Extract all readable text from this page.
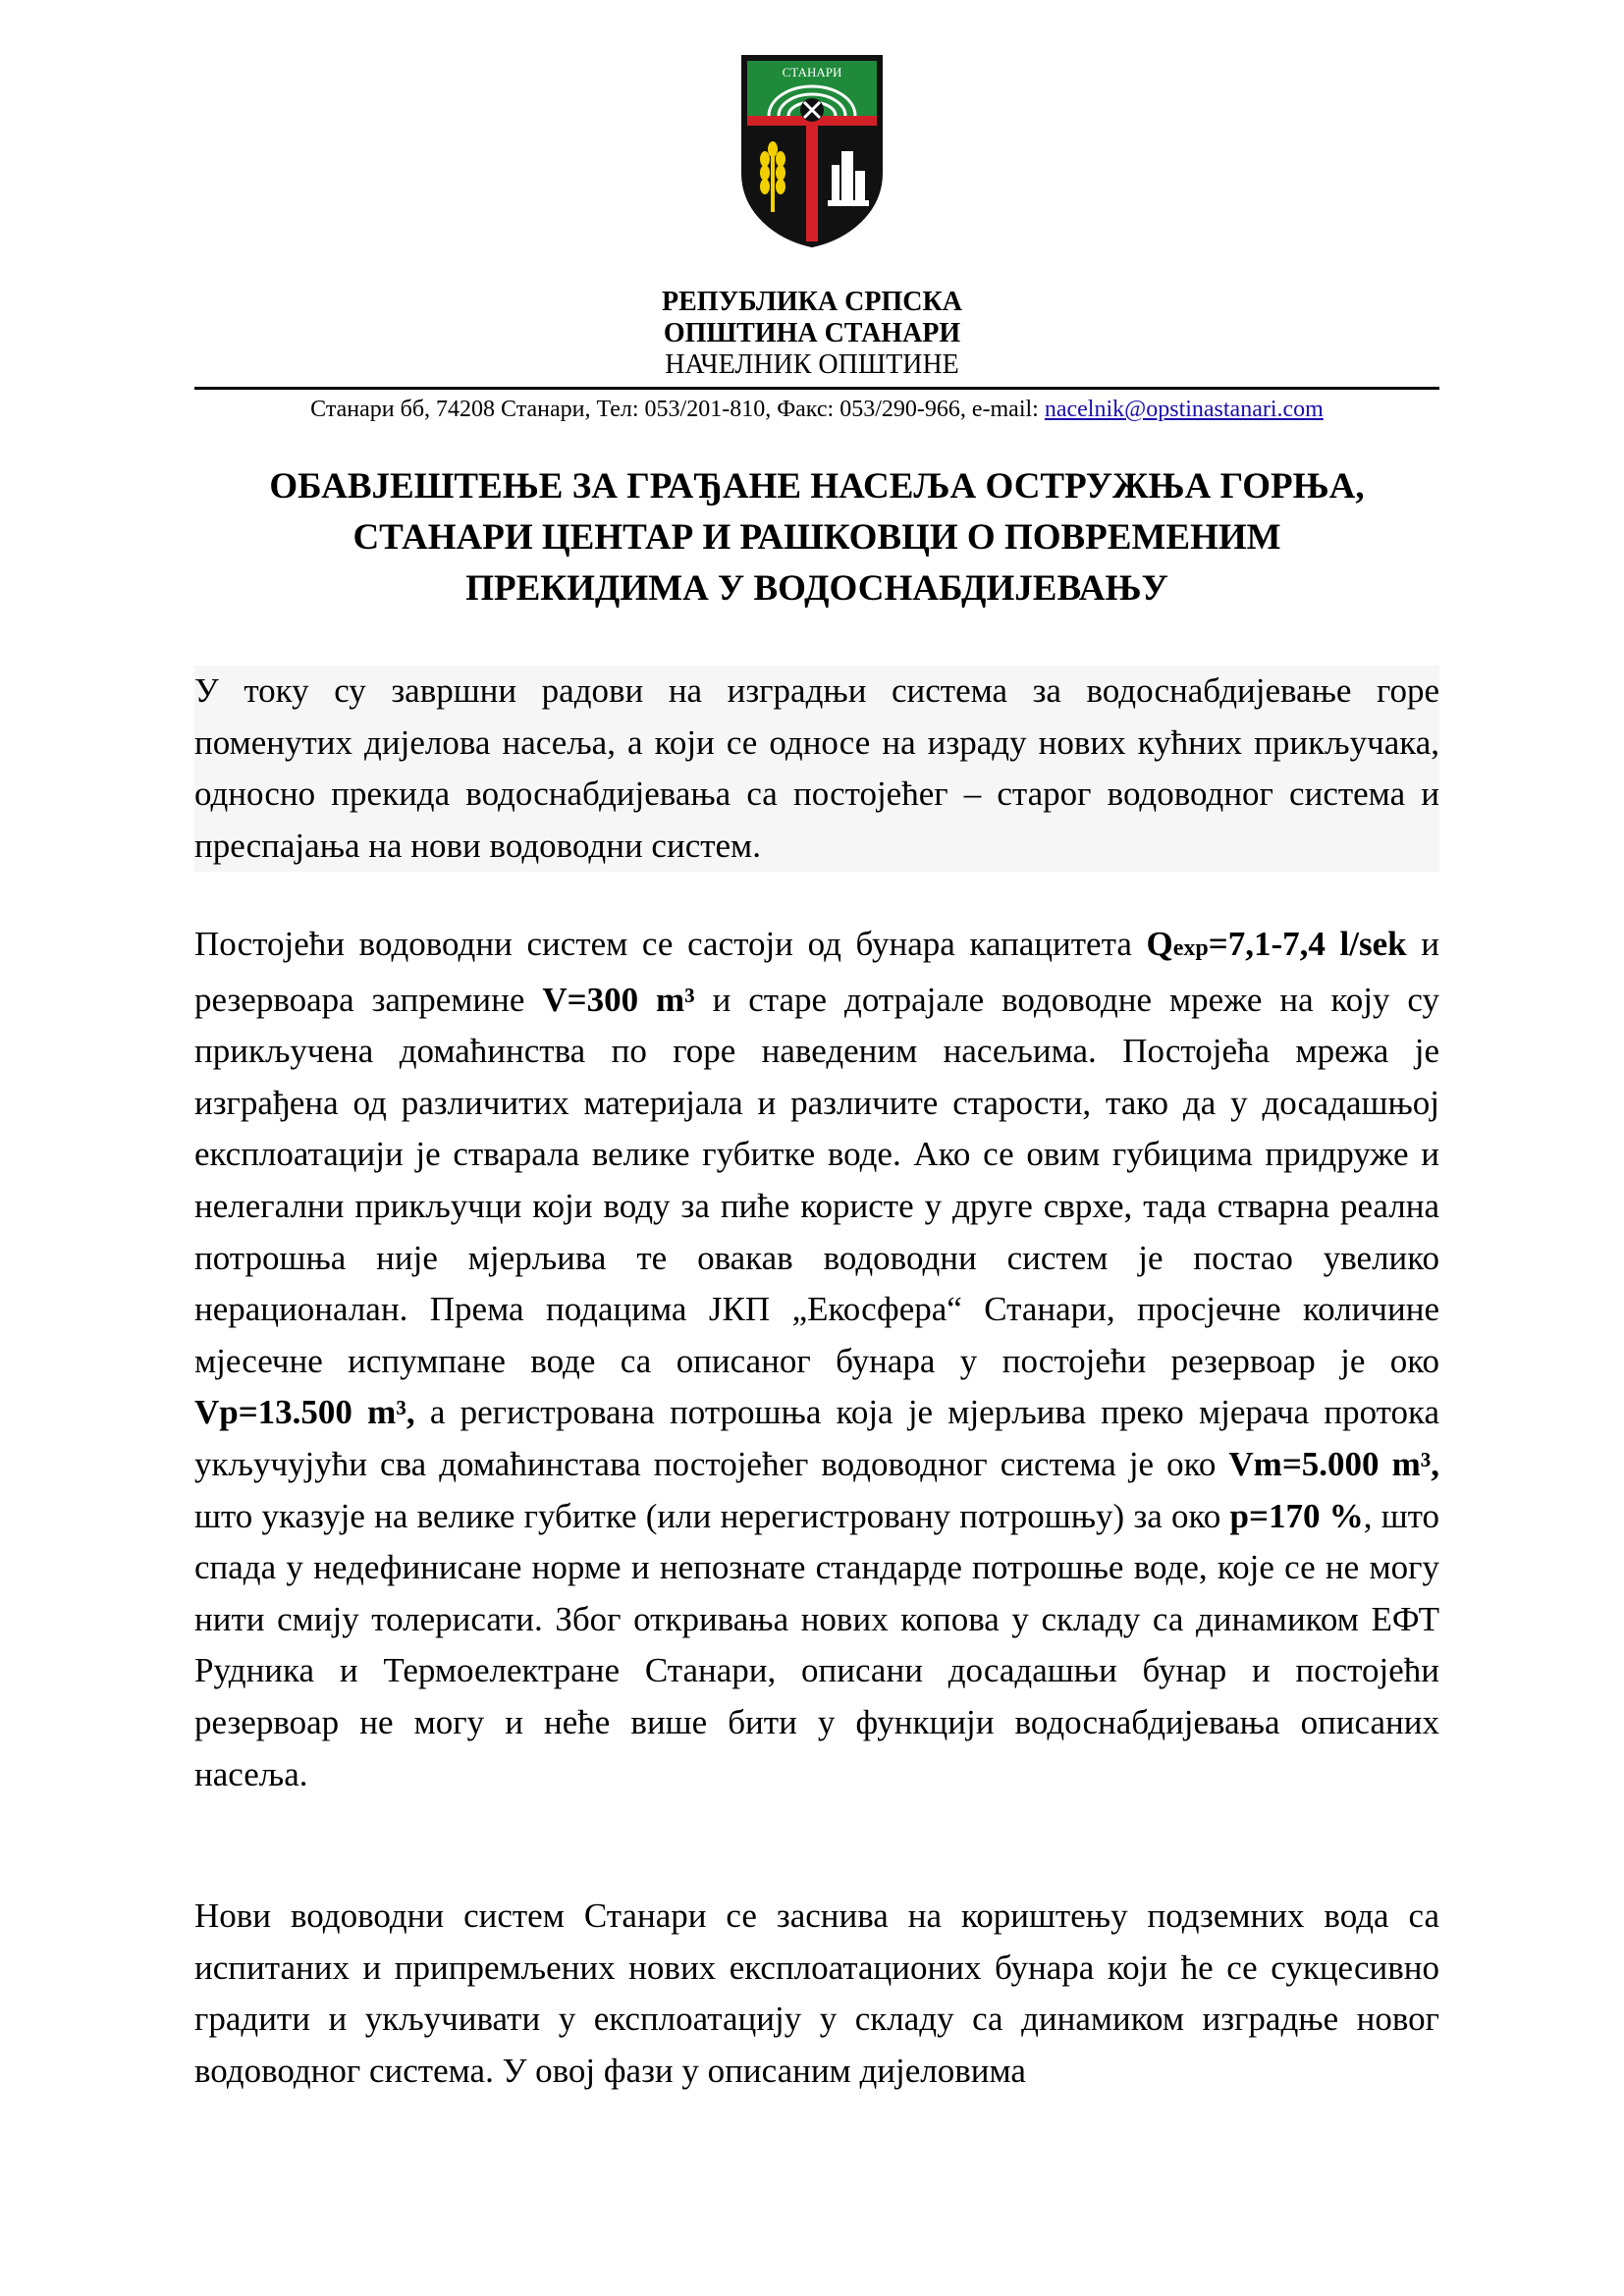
СТАНАРИ
РЕПУБЛИКА СРПСКА
ОПШТИНА СТАНАРИ
НАЧЕЛНИК ОПШТИНЕ
Станари бб, 74208 Станари, Тел: 053/201-810, Факс: 053/290-966, e-mail: nacelnik@opstinastanari.com
ОБАВЈЕШТЕЊЕ ЗА ГРАЂАНЕ НАСЕЉА ОСТРУЖЊА ГОРЊА,
СТАНАРИ ЦЕНТАР И РАШКОВЦИ О ПОВРЕМЕНИМ
ПРЕКИДИМА У ВОДОСНАБДИЈЕВАЊУ
У току су завршни радови на изградњи система за водоснабдијевање горе поменутих дијелова насеља, а који се односе на израду нових кућних прикључака, односно прекида водоснабдијевања са постојећег – старог водоводног система и преспајања на нови водоводни систем.
Постојећи водоводни систем се састоји од бунара капацитета Qexp=7,1-7,4 l/sek и резервоара запремине V=300 m³ и старе дотрајале водоводне мреже на коју су прикључена домаћинства по горе наведеним насељима. Постојећа мрежа је изграђена од различитих материјала и различите старости, тако да у досадашњој експлоатацији је стварала велике губитке воде. Ако се овим губицима придруже и нелегални прикључци који воду за пиће користе у друге сврхе, тада стварна реална потрошња није мјерљива те овакав водоводни систем је постао увелико нерационалан. Према подацима ЈКП „Екосфера“ Станари, просјечне количине мјесечне испумпане воде са описаног бунара у постојећи резервоар је око Vp=13.500 m³, а регистрована потрошња која је мјерљива преко мјерача протока укључујући сва домаћинстава постојећег водоводног система је око Vm=5.000 m³, што указује на велике губитке (или нерегистровану потрошњу) за око p=170 %, што спада у недефинисане норме и непознате стандарде потрошње воде, које се не могу нити смију толерисати. Због откривања нових копова у складу са динамиком ЕФТ Рудника и Термоелектране Станари, описани досадашњи бунар и постојећи резервоар не могу и неће више бити у функцији водоснабдијевања описаних насеља.
Нови водоводни систем Станари се заснива на кориштењу подземних вода са испитаних и припремљених нових експлоатационих бунара који ће се сукцесивно градити и укључивати у експлоатацију у складу са динамиком изградње новог водоводног система. У овој фази у описаним дијеловима
